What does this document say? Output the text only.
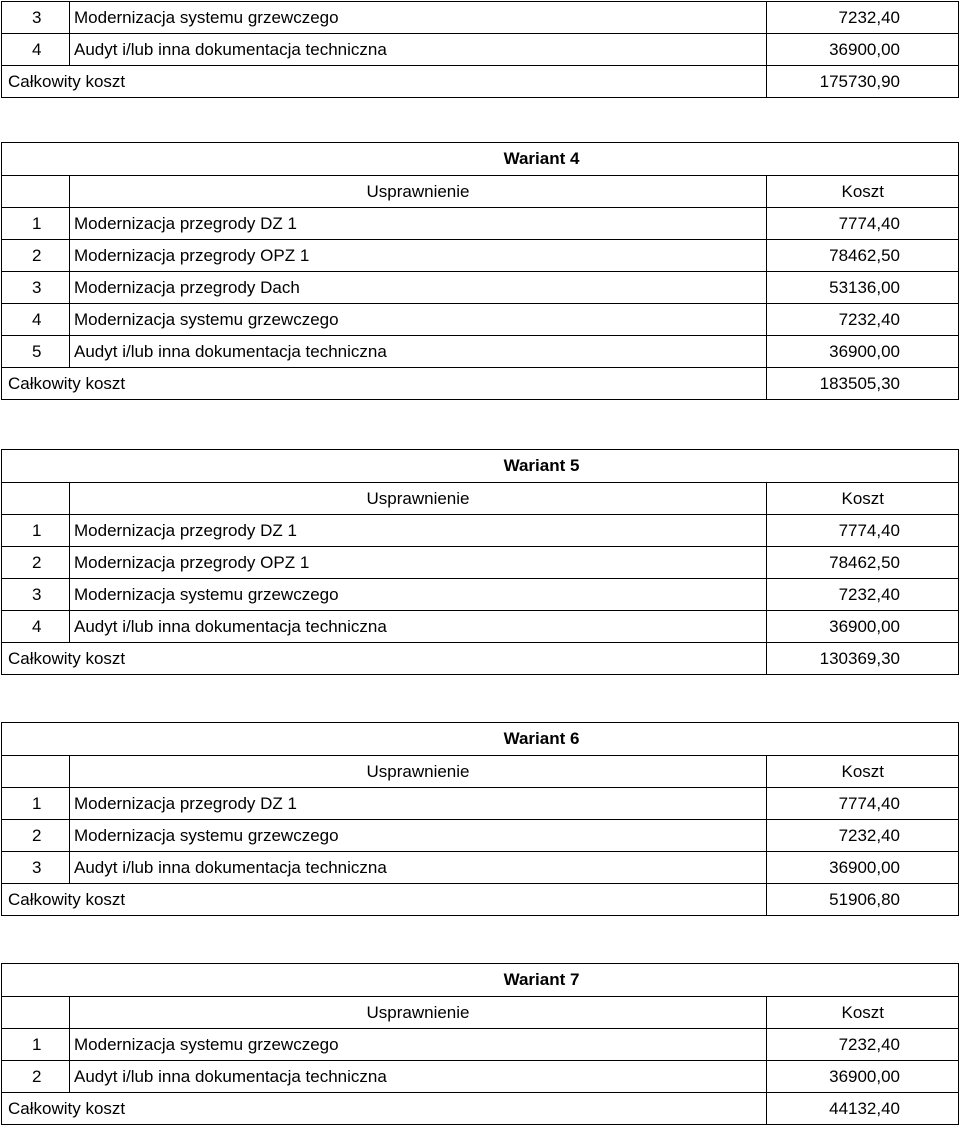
3	Modernizacja systemu grzewczego	7232,40
4	Audyt i/lub inna dokumentacja techniczna	36900,00
Całkowity koszt		175730,90
Wariant 4		
	Usprawnienie	Koszt
1	Modernizacja przegrody DZ 1	7774,40
2	Modernizacja przegrody OPZ 1	78462,50
3	Modernizacja przegrody Dach	53136,00
4	Modernizacja systemu grzewczego	7232,40
5	Audyt i/lub inna dokumentacja techniczna	36900,00
Całkowity koszt		183505,30
Wariant 5		
	Usprawnienie	Koszt
1	Modernizacja przegrody DZ 1	7774,40
2	Modernizacja przegrody OPZ 1	78462,50
3	Modernizacja systemu grzewczego	7232,40
4	Audyt i/lub inna dokumentacja techniczna	36900,00
Całkowity koszt		130369,30
Wariant 6		
	Usprawnienie	Koszt
1	Modernizacja przegrody DZ 1	7774,40
2	Modernizacja systemu grzewczego	7232,40
3	Audyt i/lub inna dokumentacja techniczna	36900,00
Całkowity koszt		51906,80
Wariant 7		
	Usprawnienie	Koszt
1	Modernizacja systemu grzewczego	7232,40
2	Audyt i/lub inna dokumentacja techniczna	36900,00
Całkowity koszt		44132,40
